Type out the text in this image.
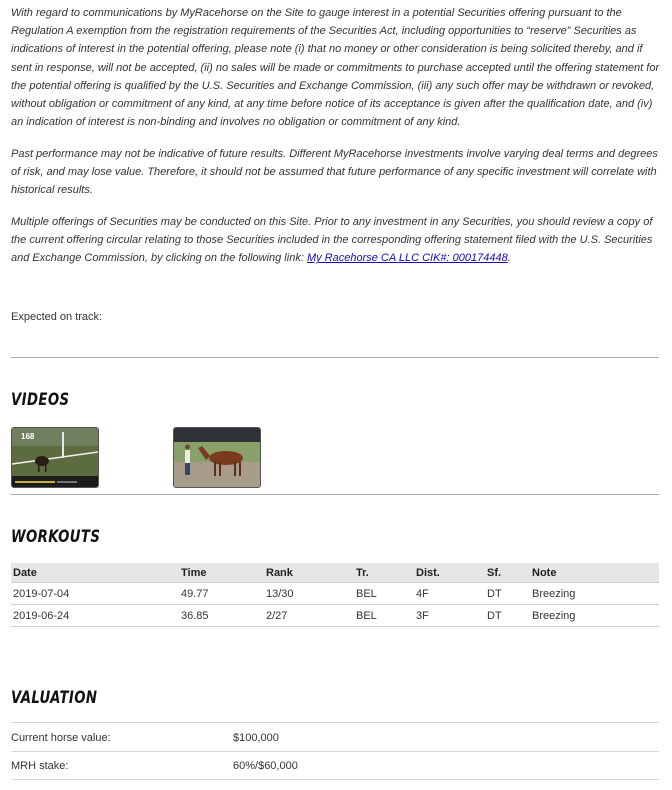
With regard to communications by MyRacehorse on the Site to gauge interest in a potential Securities offering pursuant to the Regulation A exemption from the registration requirements of the Securities Act, including opportunities to “reserve” Securities as indications of interest in the potential offering, please note (i) that no money or other consideration is being solicited thereby, and if sent in response, will not be accepted, (ii) no sales will be made or commitments to purchase accepted until the offering statement for the potential offering is qualified by the U.S. Securities and Exchange Commission, (iii) any such offer may be withdrawn or revoked, without obligation or commitment of any kind, at any time before notice of its acceptance is given after the qualification date, and (iv) an indication of interest is non-binding and involves no obligation or commitment of any kind.

Past performance may not be indicative of future results. Different MyRacehorse investments involve varying deal terms and degrees of risk, and may lose value. Therefore, it should not be assumed that future performance of any specific investment will correlate with historical results.

Multiple offerings of Securities may be conducted on this Site. Prior to any investment in any Securities, you should review a copy of the current offering circular relating to those Securities included in the corresponding offering statement filed with the U.S. Securities and Exchange Commission, by clicking on the following link: My Racehorse CA LLC CIK#: 000174448.

Expected on track:
VIDEOS
168
WORKOUTS
Date	Time	Rank	Tr.	Dist.	Sf.	Note
2019-07-04	49.77	13/30	BEL	4F	DT	Breezing
2019-06-24	36.85	2/27	BEL	3F	DT	Breezing
VALUATION
Current horse value:	$100,000
MRH stake:	60%/$60,000
